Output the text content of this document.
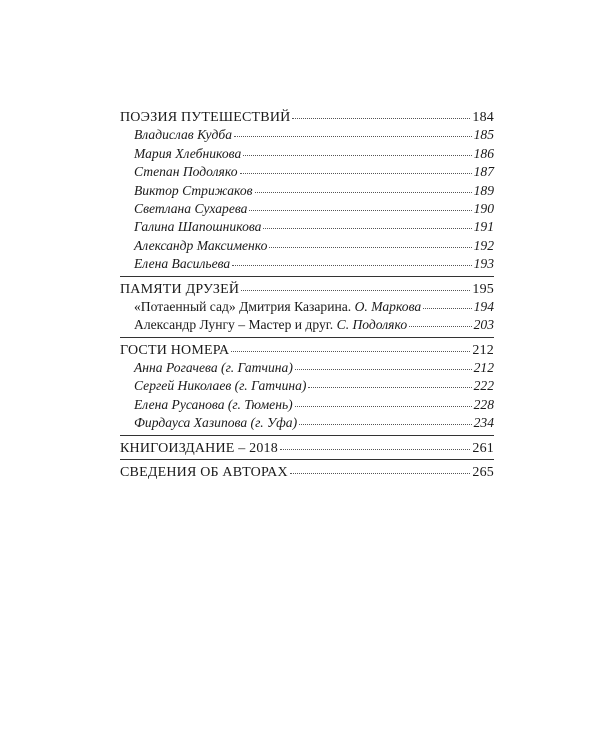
ПОЭЗИЯ ПУТЕШЕСТВИЙ	184
Владислав Кудба	185
Мария Хлебникова	186
Степан Подоляко	187
Виктор Стрижаков	189
Светлана Сухарева	190
Галина Шапошникова	191
Александр Максименко	192
Елена Васильева	193
ПАМЯТИ ДРУЗЕЙ	195
«Потаенный сад» Дмитрия Казарина. О. Маркова	194
Александр Лунгу – Мастер и друг. С. Подоляко	203
ГОСТИ НОМЕРА	212
Анна Рогачева (г. Гатчина)	212
Сергей Николаев (г. Гатчина)	222
Елена Русанова (г. Тюмень)	228
Фирдауса Хазипова (г. Уфа)	234
КНИГОИЗДАНИЕ – 2018	261
СВЕДЕНИЯ ОБ АВТОРАХ	265
